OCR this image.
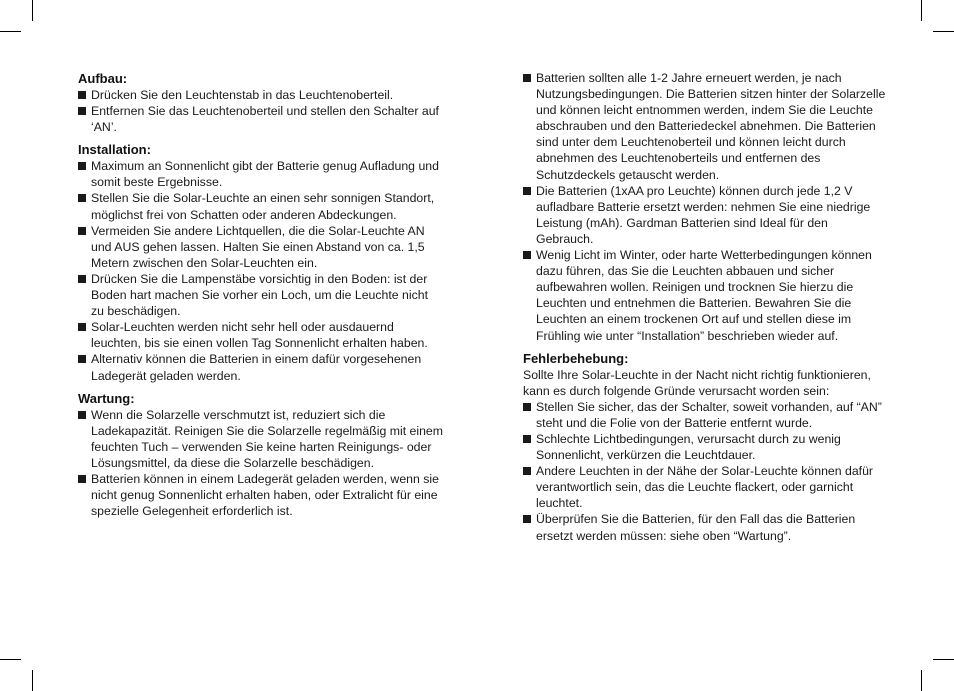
Aufbau:
Drücken Sie den Leuchtenstab in das Leuchtenoberteil.
Entfernen Sie das Leuchtenoberteil und stellen den Schalter auf ‘AN’.
Installation:
Maximum an Sonnenlicht gibt der Batterie genug Aufladung und somit beste Ergebnisse.
Stellen Sie die Solar-Leuchte an einen sehr sonnigen Standort, möglichst frei von Schatten oder anderen Abdeckungen.
Vermeiden Sie andere Lichtquellen, die die Solar-Leuchte AN und AUS gehen lassen. Halten Sie einen Abstand von ca. 1,5 Metern zwischen den Solar-Leuchten ein.
Drücken Sie die Lampenstäbe vorsichtig in den Boden: ist der Boden hart machen Sie vorher ein Loch, um die Leuchte nicht zu beschädigen.
Solar-Leuchten werden nicht sehr hell oder ausdauernd leuchten, bis sie einen vollen Tag Sonnenlicht erhalten haben.
Alternativ können die Batterien in einem dafür vorgesehenen Ladegerät geladen werden.
Wartung:
Wenn die Solarzelle verschmutzt ist, reduziert sich die Ladekapazität. Reinigen Sie die Solarzelle regelmäßig mit einem feuchten Tuch – verwenden Sie keine harten Reinigungs- oder Lösungsmittel, da diese die Solarzelle beschädigen.
Batterien können in einem Ladegerät geladen werden, wenn sie nicht genug Sonnenlicht erhalten haben, oder Extralicht für eine spezielle Gelegenheit erforderlich ist.
Batterien sollten alle 1-2 Jahre erneuert werden, je nach Nutzungsbedingungen. Die Batterien sitzen hinter der Solarzelle und können leicht entnommen werden, indem Sie die Leuchte abschrauben und den Batteriedeckel abnehmen. Die Batterien sind unter dem Leuchtenoberteil und können leicht durch abnehmen des Leuchtenoberteils und entfernen des Schutzdeckels getauscht werden.
Die Batterien (1xAA pro Leuchte) können durch jede 1,2 V aufladbare Batterie ersetzt werden: nehmen Sie eine niedrige Leistung (mAh). Gardman Batterien sind Ideal für den Gebrauch.
Wenig Licht im Winter, oder harte Wetterbedingungen können dazu führen, das Sie die Leuchten abbauen und sicher aufbewahren wollen. Reinigen und trocknen Sie hierzu die Leuchten und entnehmen die Batterien. Bewahren Sie die Leuchten an einem trockenen Ort auf und stellen diese im Frühling wie unter “Installation” beschrieben wieder auf.
Fehlerbehebung:

Sollte Ihre Solar-Leuchte in der Nacht nicht richtig funktionieren, kann es durch folgende Gründe verursacht worden sein:

Stellen Sie sicher, das der Schalter, soweit vorhanden, auf “AN” steht und die Folie von der Batterie entfernt wurde.
Schlechte Lichtbedingungen, verursacht durch zu wenig Sonnenlicht, verkürzen die Leuchtdauer.
Andere Leuchten in der Nähe der Solar-Leuchte können dafür verantwortlich sein, das die Leuchte flackert, oder garnicht leuchtet.
Überprüfen Sie die Batterien, für den Fall das die Batterien ersetzt werden müssen: siehe oben “Wartung”.
